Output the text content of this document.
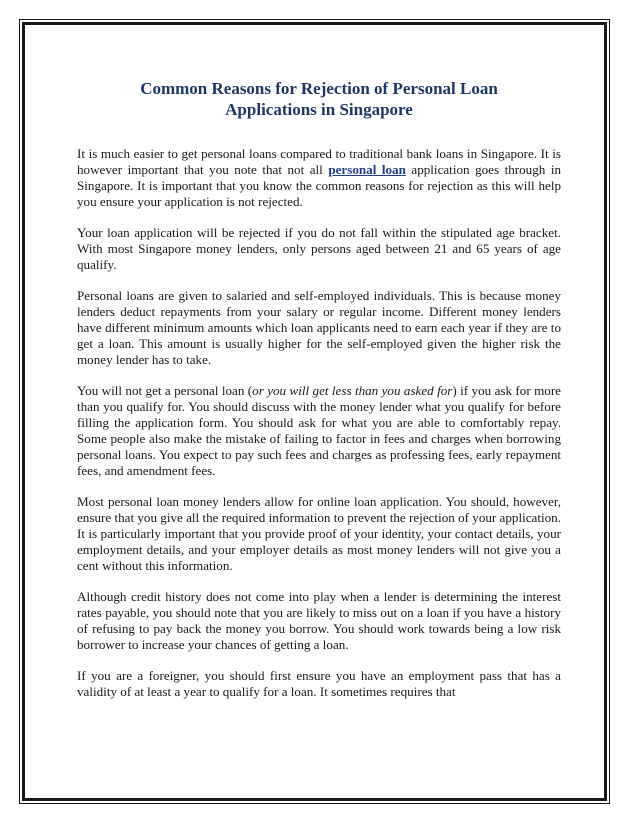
Common Reasons for Rejection of Personal Loan
Applications in Singapore

It is much easier to get personal loans compared to traditional bank loans in Singapore. It is however important that you note that not all personal loan application goes through in Singapore. It is important that you know the common reasons for rejection as this will help you ensure your application is not rejected.

Your loan application will be rejected if you do not fall within the stipulated age bracket. With most Singapore money lenders, only persons aged between 21 and 65 years of age qualify.

Personal loans are given to salaried and self-employed individuals. This is because money lenders deduct repayments from your salary or regular income. Different money lenders have different minimum amounts which loan applicants need to earn each year if they are to get a loan. This amount is usually higher for the self-employed given the higher risk the money lender has to take.

You will not get a personal loan (or you will get less than you asked for) if you ask for more than you qualify for. You should discuss with the money lender what you qualify for before filling the application form. You should ask for what you are able to comfortably repay. Some people also make the mistake of failing to factor in fees and charges when borrowing personal loans. You expect to pay such fees and charges as professing fees, early repayment fees, and amendment fees.

Most personal loan money lenders allow for online loan application. You should, however, ensure that you give all the required information to prevent the rejection of your application. It is particularly important that you provide proof of your identity, your contact details, your employment details, and your employer details as most money lenders will not give you a cent without this information.

Although credit history does not come into play when a lender is determining the interest rates payable, you should note that you are likely to miss out on a loan if you have a history of refusing to pay back the money you borrow. You should work towards being a low risk borrower to increase your chances of getting a loan.

If you are a foreigner, you should first ensure you have an employment pass that has a validity of at least a year to qualify for a loan. It sometimes requires that
